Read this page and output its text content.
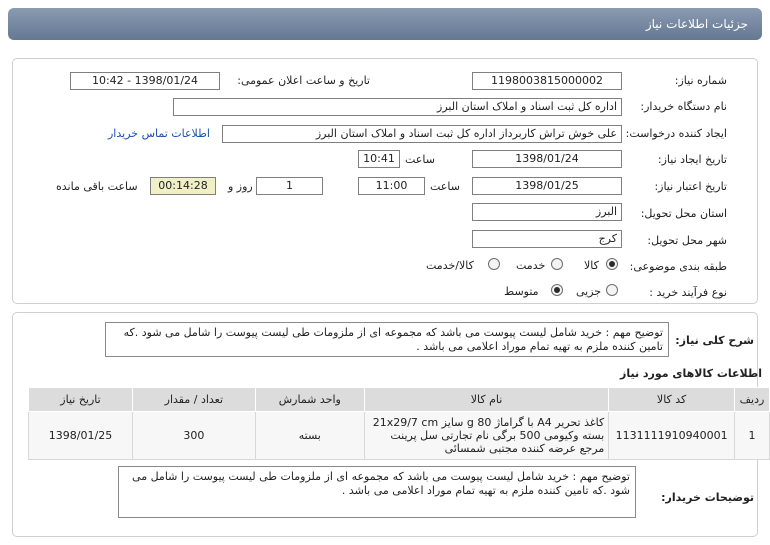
جزئیات اطلاعات نیاز
شماره نیاز:
1198003815000002
تاریخ و ساعت اعلان عمومی:
1398/01/24 - 10:42
نام دستگاه خریدار:
اداره کل ثبت اسناد و املاک استان البرز
ایجاد کننده درخواست:
علی خوش تراش کاربرداز اداره کل ثبت اسناد و املاک استان البرز
اطلاعات تماس خریدار
تاریخ ایجاد نیاز:
1398/01/24
ساعت
10:41
تاریخ اعتبار نیاز:
1398/01/25
ساعت
11:00
1
روز و
00:14:28
ساعت باقی مانده
استان محل تحویل:
البرز
شهر محل تحویل:
کرج
طبقه بندی موضوعی:
کالا
خدمت
کالا/خدمت
نوع فرآیند خرید :
جزیی
متوسط
شرح کلی نیاز:
توضیح مهم : خرید شامل لیست پیوست می باشد که مجموعه ای از ملزومات طی لیست پیوست را شامل می شود .که تامین کننده ملزم به تهیه تمام موراد اعلامی می باشد .
اطلاعات کالاهای مورد نیاز
ردیف	کد کالا	نام کالا	واحد شمارش	تعداد / مقدار	تاریخ نیاز
1	1131111910940001	کاغذ تحریر A4 با گراماژ 80 g سایز 21x29/7 cm بسته وکیومی 500 برگی نام تجارتی سل پرینت مرجع عرضه کننده مجتبی شمسائی	بسته	300	1398/01/25
توضیحات خریدار:
توضیح مهم : خرید شامل لیست پیوست می باشد که مجموعه ای از ملزومات طی لیست پیوست را شامل می شود .که تامین کننده ملزم به تهیه تمام موراد اعلامی می باشد .
